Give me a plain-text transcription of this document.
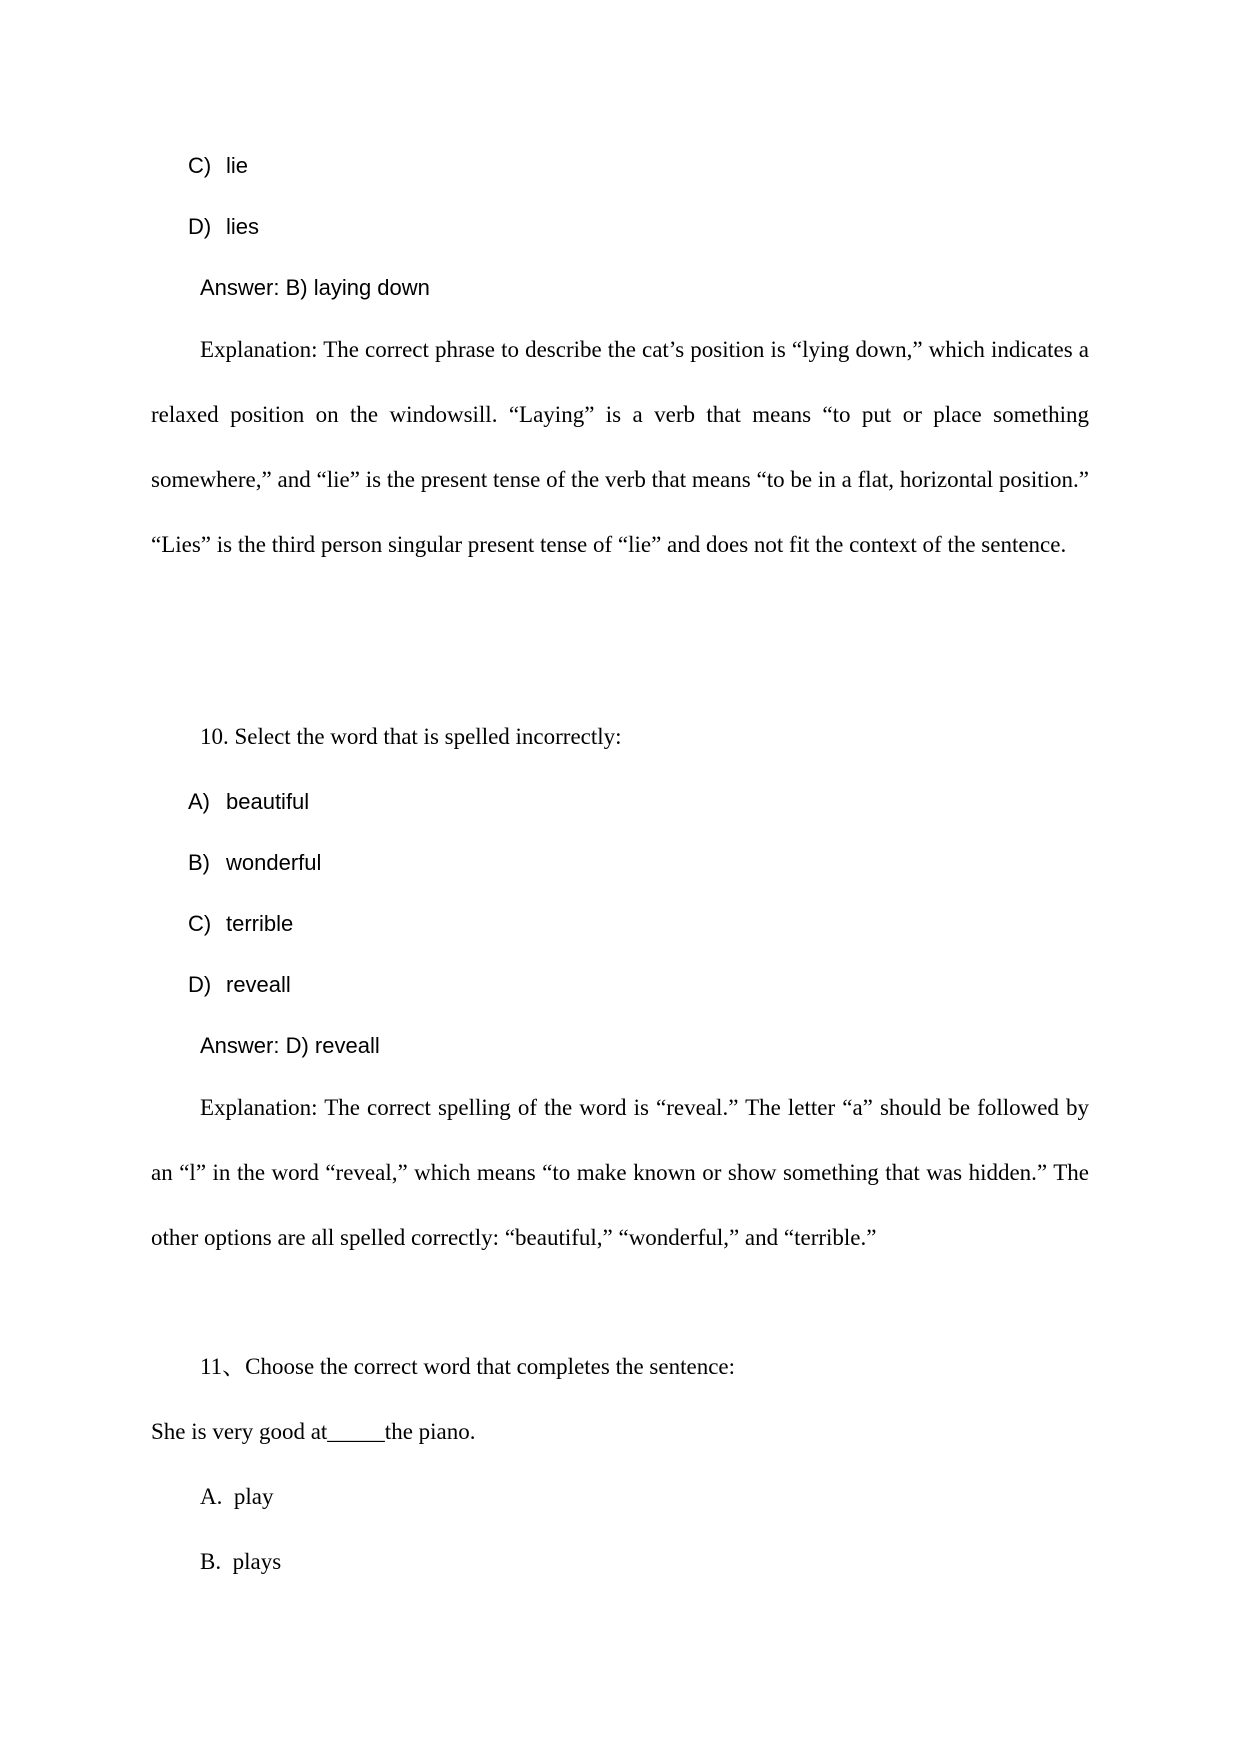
C) lie
D) lies
Answer: B) laying down
Explanation: The correct phrase to describe the cat’s position is “lying down,” which indicates a relaxed position on the windowsill. “Laying” is a verb that means “to put or place something somewhere,” and “lie” is the present tense of the verb that means “to be in a flat, horizontal position.” “Lies” is the third person singular present tense of “lie” and does not fit the context of the sentence.
10. Select the word that is spelled incorrectly:
A) beautiful
B) wonderful
C) terrible
D) reveall
Answer: D) reveall
Explanation: The correct spelling of the word is “reveal.” The letter “a” should be followed by an “l” in the word “reveal,” which means “to make known or show something that was hidden.” The other options are all spelled correctly: “beautiful,” “wonderful,” and “terrible.”
11、Choose the correct word that completes the sentence:
She is very good at_____the piano.
A.  play
B.  plays
